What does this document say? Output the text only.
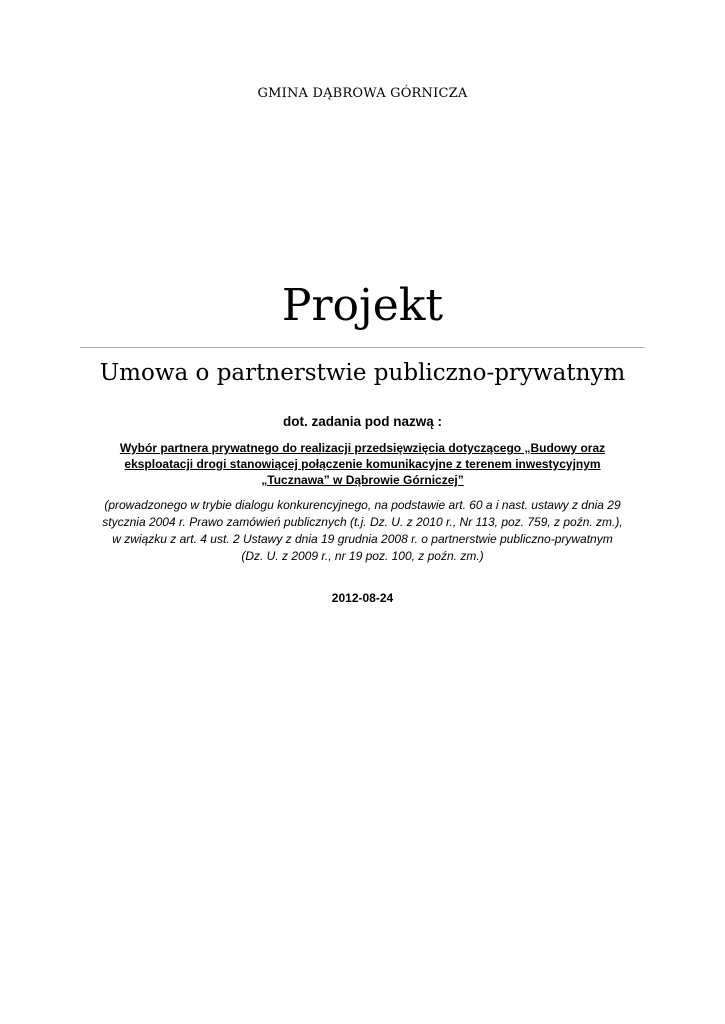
GMINA DĄBROWA GÓRNICZA
Projekt
Umowa o partnerstwie publiczno-prywatnym
dot. zadania pod nazwą :
Wybór partnera prywatnego do realizacji przedsięwzięcia dotyczącego „Budowy oraz
eksploatacji drogi stanowiącej połączenie komunikacyjne z terenem inwestycyjnym
„Tucznawa” w Dąbrowie Górniczej”
(prowadzonego w trybie dialogu konkurencyjnego, na podstawie art. 60 a i nast. ustawy z dnia 29
stycznia 2004 r. Prawo zamówień publicznych (t.j. Dz. U. z 2010 r., Nr 113, poz. 759, z poźn. zm.),
w związku z art. 4 ust. 2 Ustawy z dnia 19 grudnia 2008 r. o partnerstwie publiczno-prywatnym
(Dz. U. z 2009 r., nr 19 poz. 100, z poźn. zm.)
2012-08-24
